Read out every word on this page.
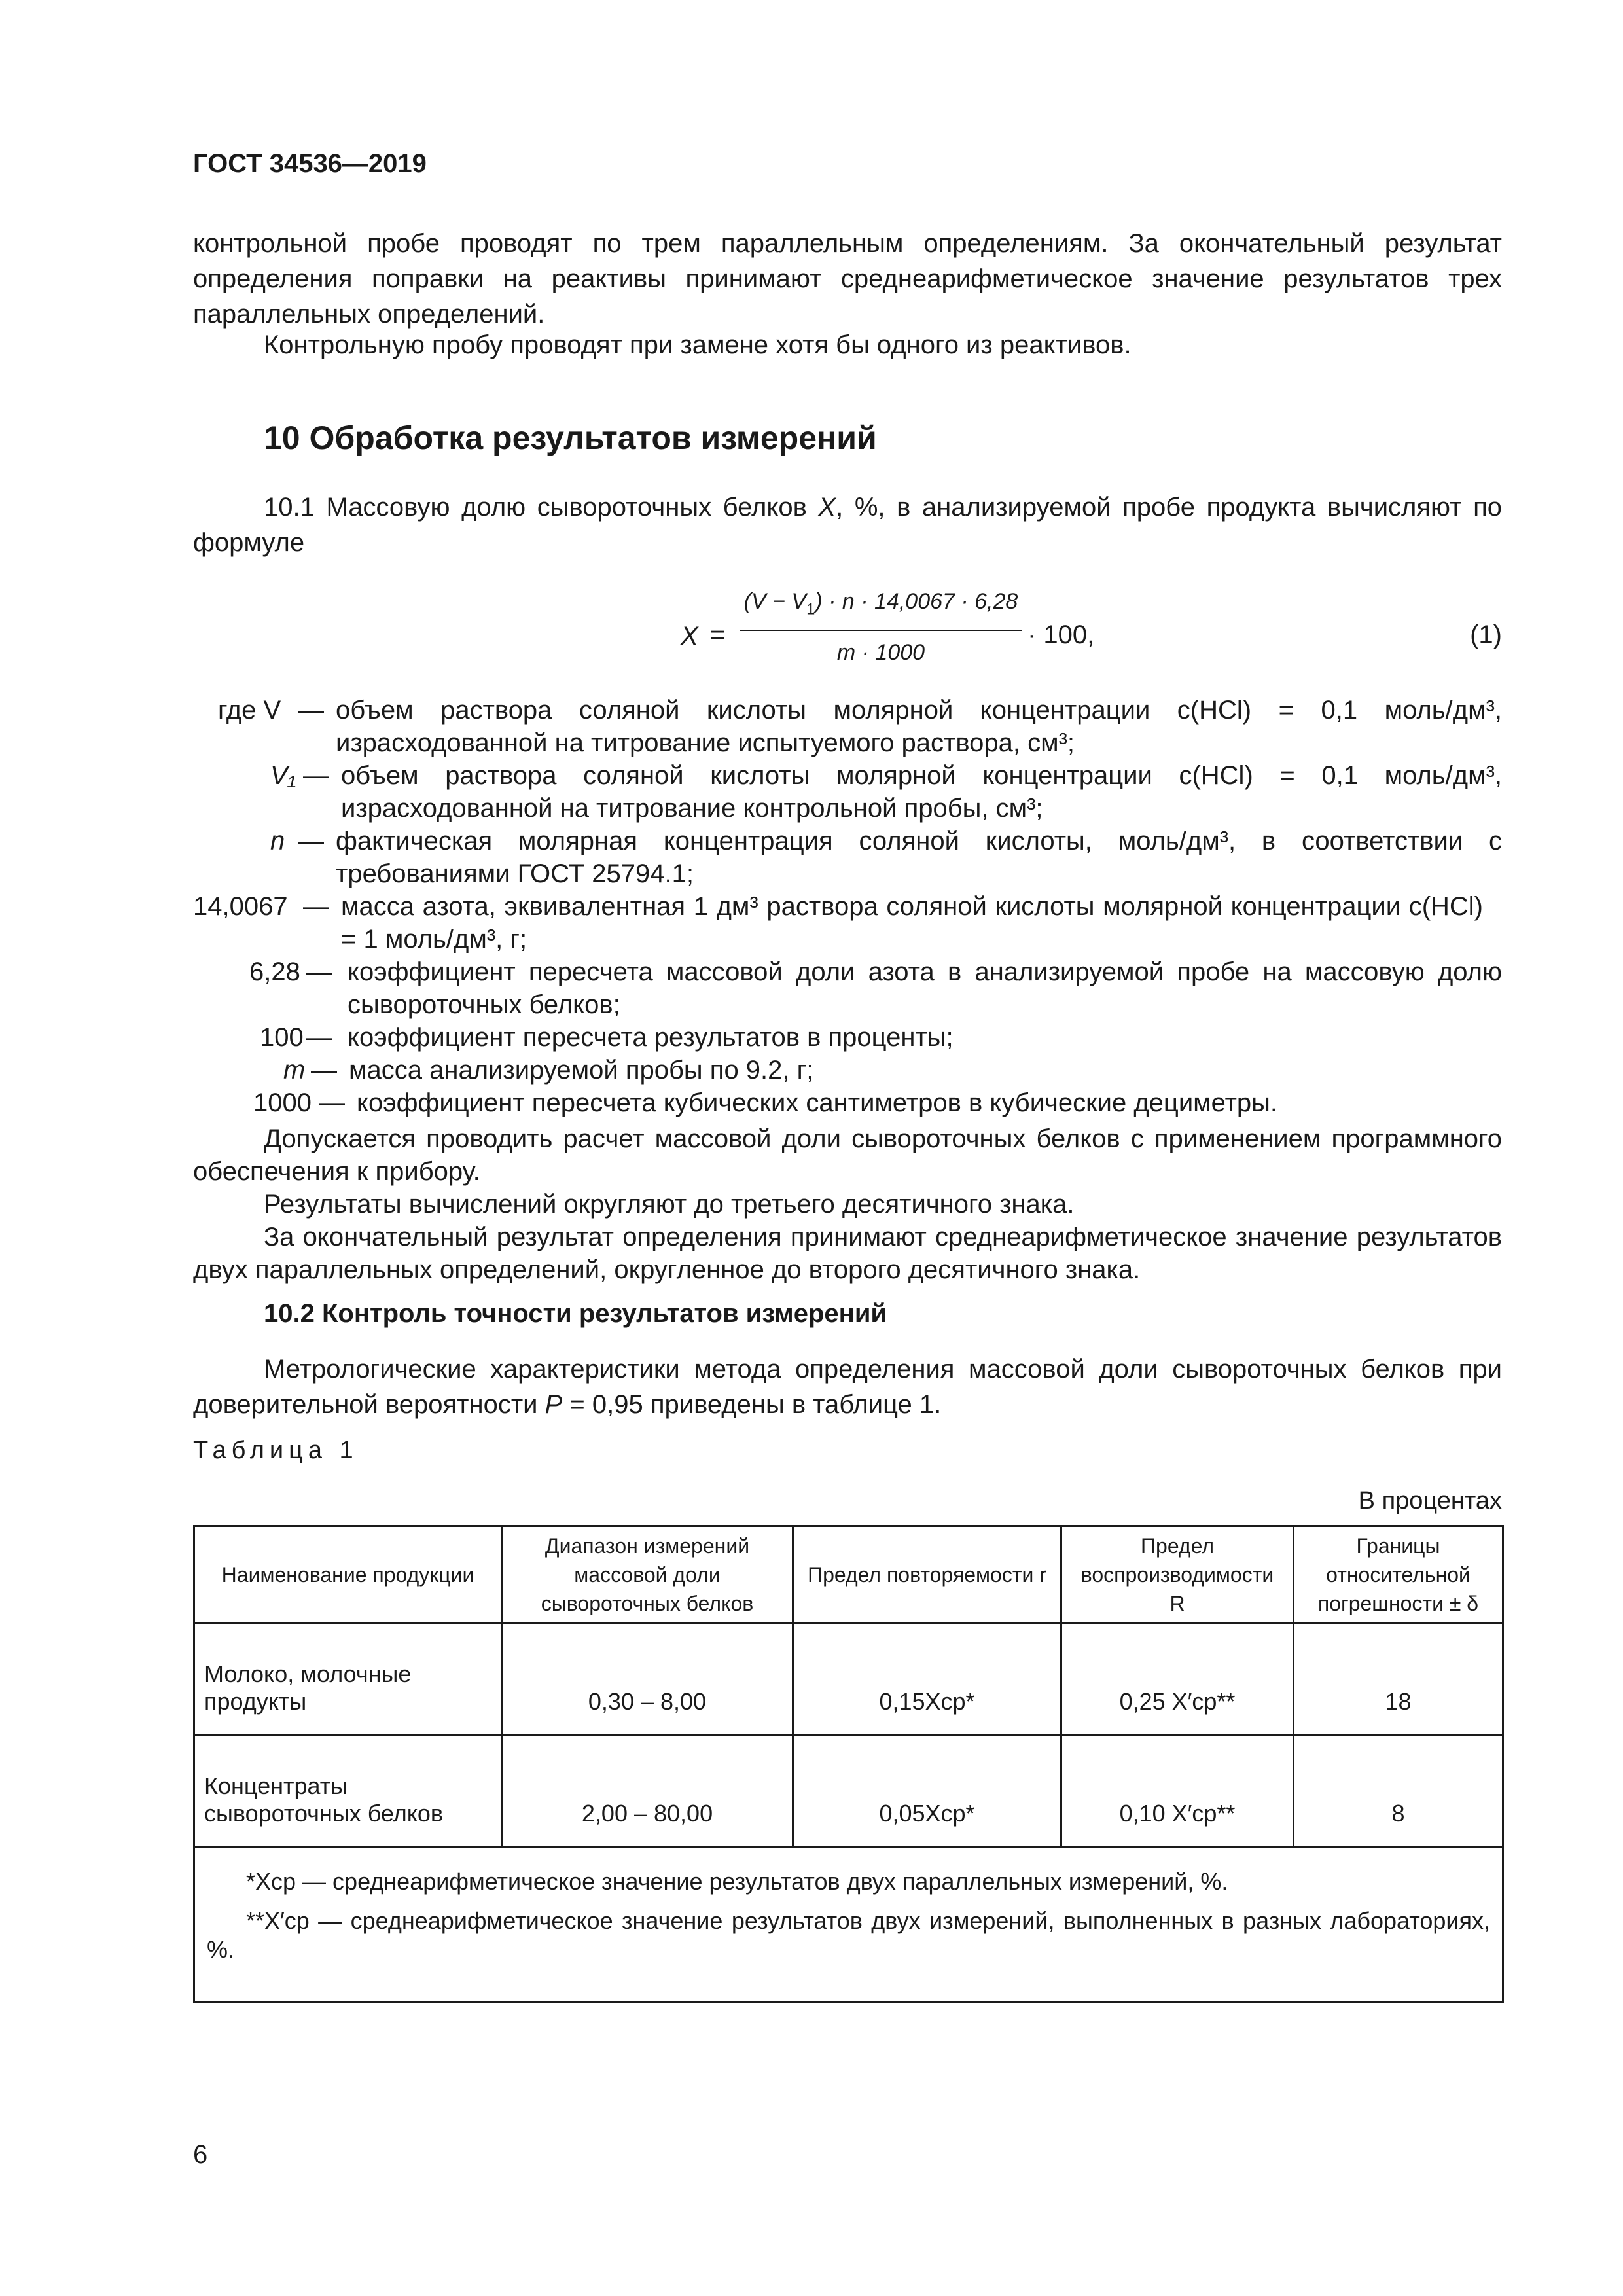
ГОСТ 34536—2019

контрольной пробе проводят по трем параллельным определениям. За окончательный результат определения поправки на реактивы принимают среднеарифметическое значение результатов трех параллельных определений.

Контрольную пробу проводят при замене хотя бы одного из реактивов.

10 Обработка результатов измерений

10.1 Массовую долю сывороточных белков X, %, в анализируемой пробе продукта вычисляют по формуле

X =
$(V - V_1) \cdot n \cdot 14,0067 \cdot 6,28$
m · 1000
· 100,	(1)
где V — объем раствора соляной кислоты молярной концентрации c(HCl) = 0,1 моль/дм³, израсходованной на титрование испытуемого раствора, см³;
V₁ — объем раствора соляной кислоты молярной концентрации c(HCl) = 0,1 моль/дм³, израсходованной на титрование контрольной пробы, см³;
n — фактическая молярная концентрация соляной кислоты, моль/дм³, в соответствии с требованиями ГОСТ 25794.1;
14,0067 — масса азота, эквивалентная 1 дм³ раствора соляной кислоты молярной концентрации c(HCl) = 1 моль/дм³, г;
6,28 — коэффициент пересчета массовой доли азота в анализируемой пробе на массовую долю сывороточных белков;
100 — коэффициент пересчета результатов в проценты;
m — масса анализируемой пробы по 9.2, г;
1000 — коэффициент пересчета кубических сантиметров в кубические дециметры.

Допускается проводить расчет массовой доли сывороточных белков с применением программного обеспечения к прибору.

Результаты вычислений округляют до третьего десятичного знака.

За окончательный результат определения принимают среднеарифметическое значение результатов двух параллельных определений, округленное до второго десятичного знака.

10.2 Контроль точности результатов измерений

Метрологические характеристики метода определения массовой доли сывороточных белков при доверительной вероятности P = 0,95 приведены в таблице 1.

Таблица 1
В процентах
Наименование продукции	Диапазон измерений массовой доли сывороточных белков	Предел повторяемости r	Предел воспроизводимости R	Границы относительной погрешности ± δ
Молоко, молочные продукты	0,30 – 8,00	0,15Xср*	0,25 X′ср**	18
Концентраты сывороточных белков	2,00 – 80,00	0,05Xср*	0,10 X′ср**	8

*Xср — среднеарифметическое значение результатов двух параллельных измерений, %.
**X′ср — среднеарифметическое значение результатов двух измерений, выполненных в разных лабораториях, %.				
6
